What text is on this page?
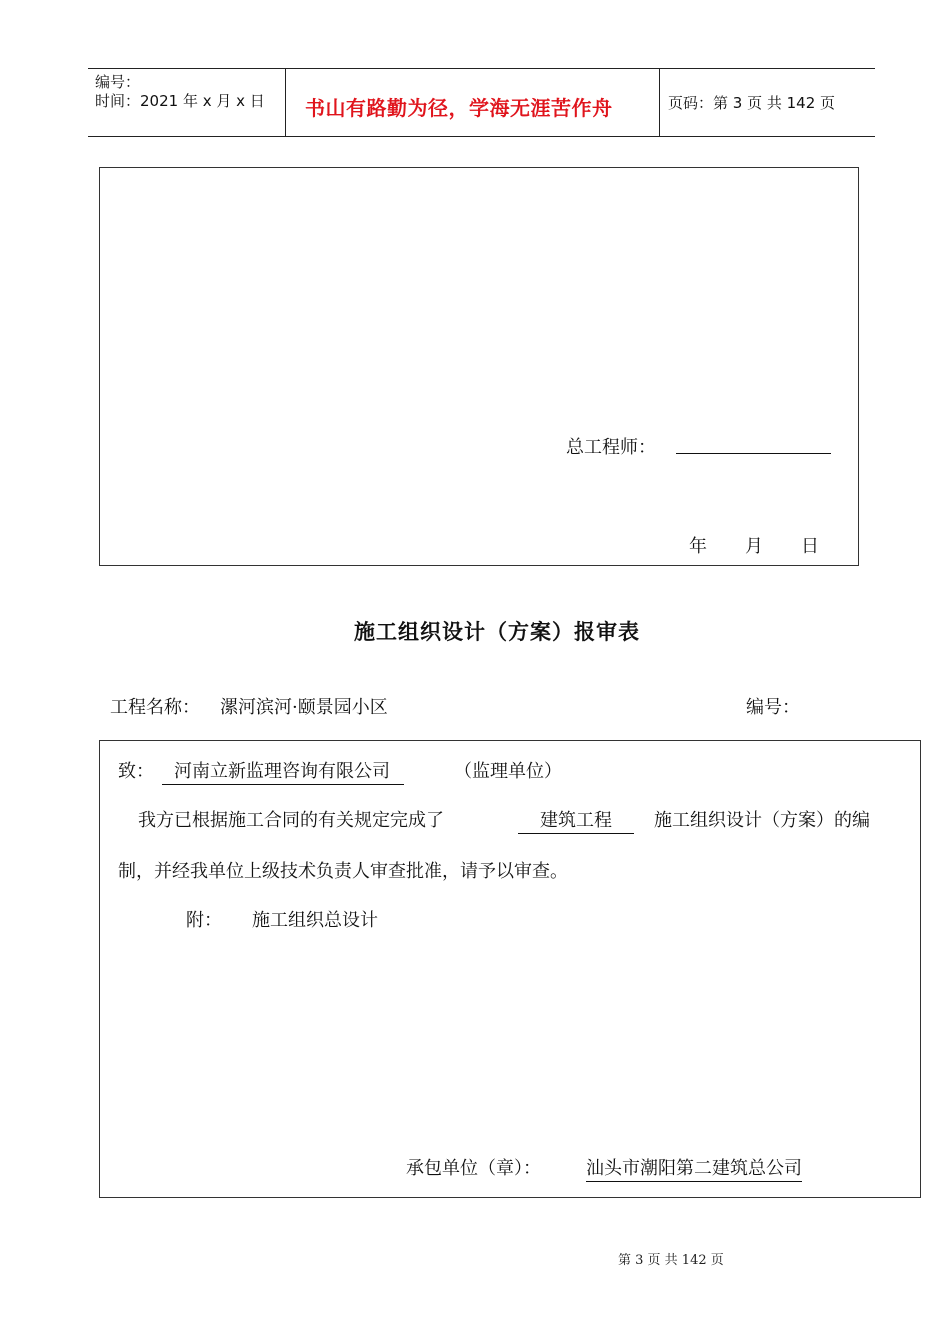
编号：
时间：2021 年 x 月 x 日 书山有路勤为径，学海无涯苦作舟	页码：第 3 页 共 142 页
总工程师：
年 月 日
施工组织设计（方案）报审表
工程名称： 漯河滨河·颐景园小区	编号：
致：	河南立新监理咨询有限公司	（监理单位）
我方已根据施工合同的有关规定完成了	建筑工程	施工组织设计（方案）的编
制，并经我单位上级技术负责人审查批准，请予以审查。
附： 施工组织总设计
承包单位（章）：	汕头市潮阳第二建筑总公司
第 3 页 共 142 页
